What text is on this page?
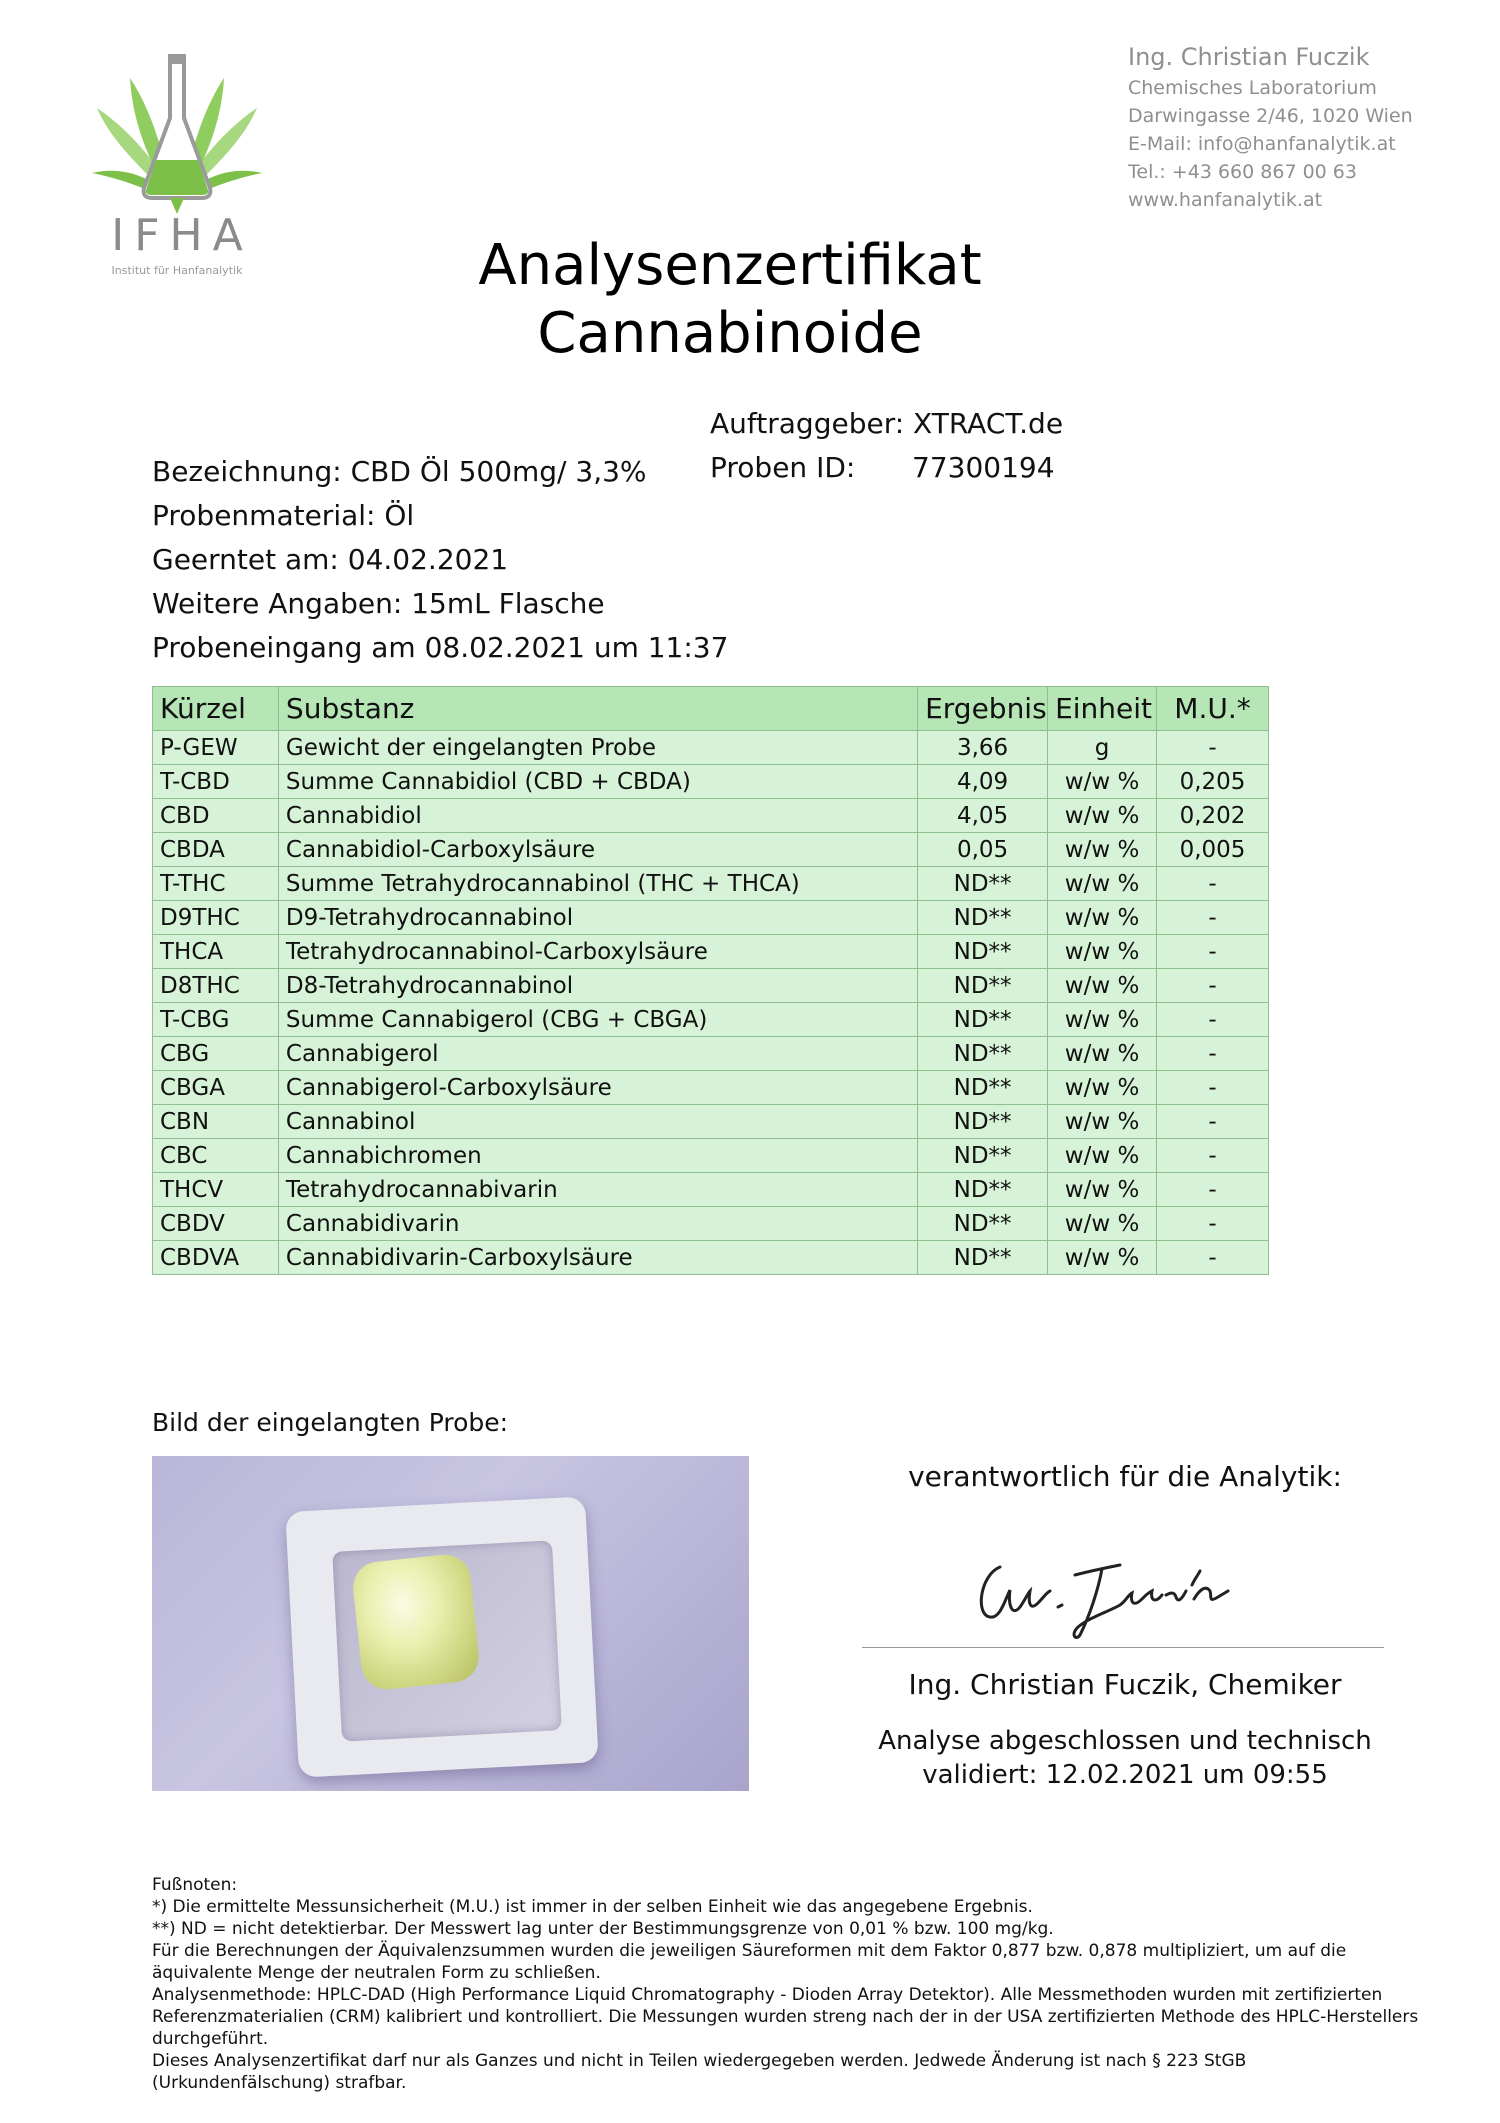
IFHA
Institut für Hanfanalytik
Ing. Christian Fuczik
Chemisches Laboratorium
Darwingasse 2/46, 1020 Wien
E-Mail: info@hanfanalytik.at
Tel.: +43 660 867 00 63
www.hanfanalytik.at
Analysenzertifikat
Cannabinoide
Auftraggeber: XTRACT.de
Proben ID: 77300194
Bezeichnung: CBD Öl 500mg/ 3,3%
Probenmaterial: Öl
Geerntet am: 04.02.2021
Weitere Angaben: 15mL Flasche
Probeneingang am 08.02.2021 um 11:37
Kürzel	Substanz	Ergebnis	Einheit	M.U.*
P-GEW	Gewicht der eingelangten Probe	3,66	g	-
T-CBD	Summe Cannabidiol (CBD + CBDA)	4,09	w/w %	0,205
CBD	Cannabidiol	4,05	w/w %	0,202
CBDA	Cannabidiol-Carboxylsäure	0,05	w/w %	0,005
T-THC	Summe Tetrahydrocannabinol (THC + THCA)	ND**	w/w %	-
D9THC	D9-Tetrahydrocannabinol	ND**	w/w %	-
THCA	Tetrahydrocannabinol-Carboxylsäure	ND**	w/w %	-
D8THC	D8-Tetrahydrocannabinol	ND**	w/w %	-
T-CBG	Summe Cannabigerol (CBG + CBGA)	ND**	w/w %	-
CBG	Cannabigerol	ND**	w/w %	-
CBGA	Cannabigerol-Carboxylsäure	ND**	w/w %	-
CBN	Cannabinol	ND**	w/w %	-
CBC	Cannabichromen	ND**	w/w %	-
THCV	Tetrahydrocannabivarin	ND**	w/w %	-
CBDV	Cannabidivarin	ND**	w/w %	-
CBDVA	Cannabidivarin-Carboxylsäure	ND**	w/w %	-
Bild der eingelangten Probe:
verantwortlich für die Analytik:
Ing. Christian Fuczik, Chemiker
Analyse abgeschlossen und technisch
validiert: 12.02.2021 um 09:55

Fußnoten:

*) Die ermittelte Messunsicherheit (M.U.) ist immer in der selben Einheit wie das angegebene Ergebnis.

**) ND = nicht detektierbar. Der Messwert lag unter der Bestimmungsgrenze von 0,01 % bzw. 100 mg/kg.

Für die Berechnungen der Äquivalenzsummen wurden die jeweiligen Säureformen mit dem Faktor 0,877 bzw. 0,878 multipliziert, um auf die äquivalente Menge der neutralen Form zu schließen.

Analysenmethode: HPLC-DAD (High Performance Liquid Chromatography - Dioden Array Detektor). Alle Messmethoden wurden mit zertifizierten Referenzmaterialien (CRM) kalibriert und kontrolliert. Die Messungen wurden streng nach der in der USA zertifizierten Methode des HPLC-Herstellers durchgeführt.

Dieses Analysenzertifikat darf nur als Ganzes und nicht in Teilen wiedergegeben werden. Jedwede Änderung ist nach § 223 StGB (Urkundenfälschung) strafbar.
